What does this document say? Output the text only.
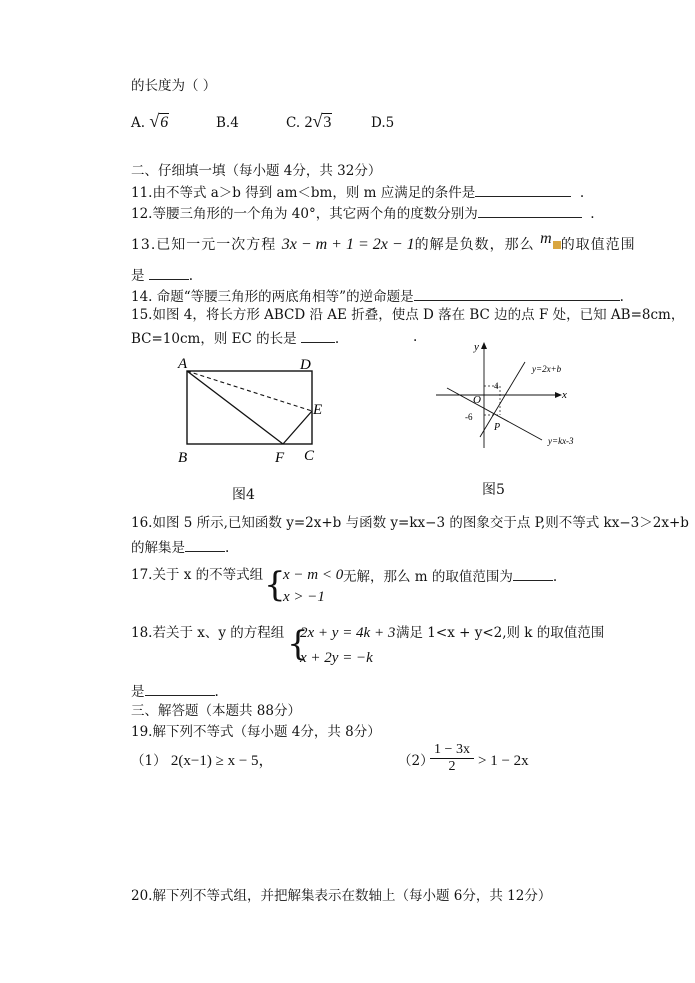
的长度为（ ）
A. √6	B.4	C. 2√3	D.5
二、仔细填一填（每小题 4分，共 32分）
11.由不等式 a＞b 得到 am＜bm，则 m 应满足的条件是	.
12.等腰三角形的一个角为 40°，其它两个角的度数分别为	.
13.已知一元一次方程 3x − m + 1 = 2x − 1的解是负数，那么 m 的取值范围
是	.
14. 命题“等腰三角形的两底角相等”的逆命题是	.
15.如图 4，将长方形 ABCD 沿 AE 折叠，使点 D 落在 BC 边的点 F 处，已知 AB=8cm，
BC=10cm，则 EC 的长是	.	.
A	D
E
B	F C
图4
y
x
O
4
-6
P
y=2x+b
y=kx-3
图5
16.如图 5 所示,已知函数 y=2x+b 与函数 y=kx−3 的图象交于点 P,则不等式 kx−3＞2x+b
的解集是	.
17.关于 x 的不等式组 {
x − m < 0
x > −1
无解，那么 m 的取值范围为	.
18.若关于 x、y 的方程组 {
2x + y = 4k + 3
x + 2y = −k
满足 1<x + y<2,则 k 的取值范围
是	.
三、解答题（本题共 88分）
19.解下列不等式（每小题 4分，共 8分）
（1） 2(x−1) ≥ x − 5，	（2）
$\frac{1 - 3x}{2} > 1 - 2x$
20.解下列不等式组，并把解集表示在数轴上（每小题 6分，共 12分）
